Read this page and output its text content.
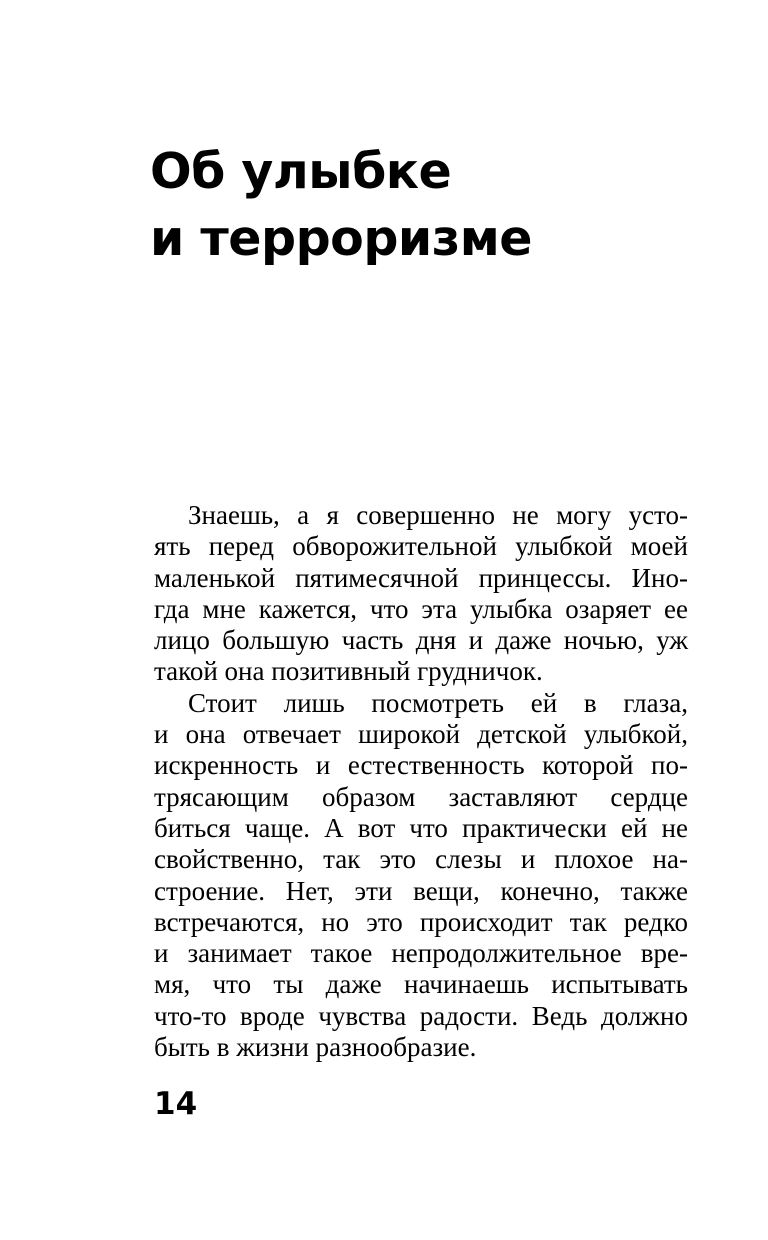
Об улыбке
и терроризме
Знаешь, а я совершенно не могу усто-
ять перед обворожительной улыбкой моей
маленькой пятимесячной принцессы. Ино-
гда мне кажется, что эта улыбка озаряет ее
лицо большую часть дня и даже ночью, уж
такой она позитивный грудничок.
Стоит лишь посмотреть ей в глаза,
и она отвечает широкой детской улыбкой,
искренность и естественность которой по-
трясающим образом заставляют сердце
биться чаще. А вот что практически ей не
свойственно, так это слезы и плохое на-
строение. Нет, эти вещи, конечно, также
встречаются, но это происходит так редко
и занимает такое непродолжительное вре-
мя, что ты даже начинаешь испытывать
что-то вроде чувства радости. Ведь должно
быть в жизни разнообразие.
14
